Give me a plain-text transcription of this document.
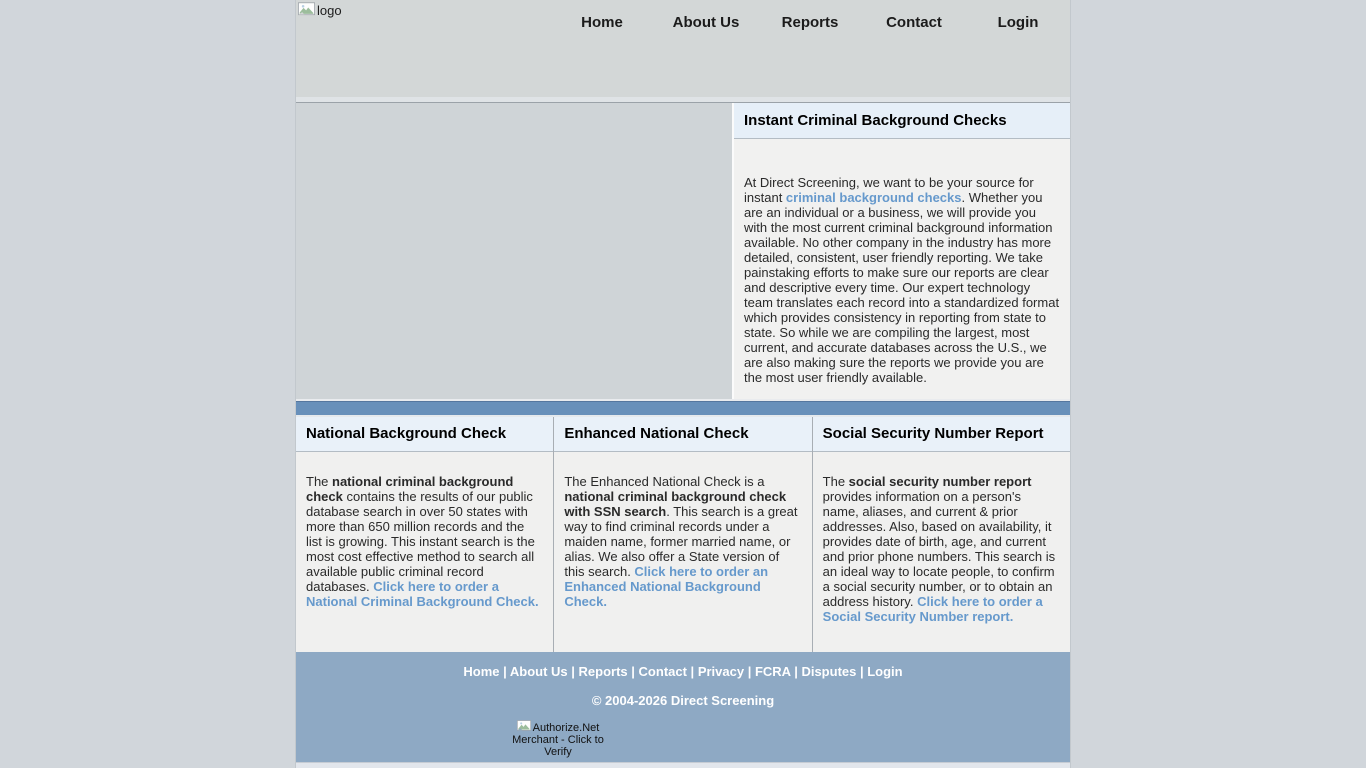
logo
Home	About Us	Reports	Contact	Login
Instant Criminal Background Checks

At Direct Screening, we want to be your source for instant criminal background checks. Whether you are an individual or a business, we will provide you with the most current criminal background information available. No other company in the industry has more detailed, consistent, user friendly reporting. We take painstaking efforts to make sure our reports are clear and descriptive every time. Our expert technology team translates each record into a standardized format which provides consistency in reporting from state to state. So while we are compiling the largest, most current, and accurate databases across the U.S., we are also making sure the reports we provide you are the most user friendly available.

National Background Check

The national criminal background check contains the results of our public database search in over 50 states with more than 650 million records and the list is growing. This instant search is the most cost effective method to search all available public criminal record databases. Click here to order a National Criminal Background Check.

Enhanced National Check

The Enhanced National Check is a national criminal background check with SSN search. This search is a great way to find criminal records under a maiden name, former married name, or alias. We also offer a State version of this search. Click here to order an Enhanced National Background Check.

Social Security Number Report

The social security number report provides information on a person's name, aliases, and current & prior addresses. Also, based on availability, it provides date of birth, age, and current and prior phone numbers. This search is an ideal way to locate people, to confirm a social security number, or to obtain an address history. Click here to order a Social Security Number report.

Home | About Us | Reports | Contact | Privacy | FCRA | Disputes | Login
© 2004-2026 Direct Screening
Authorize.Net Merchant - Click to Verify
